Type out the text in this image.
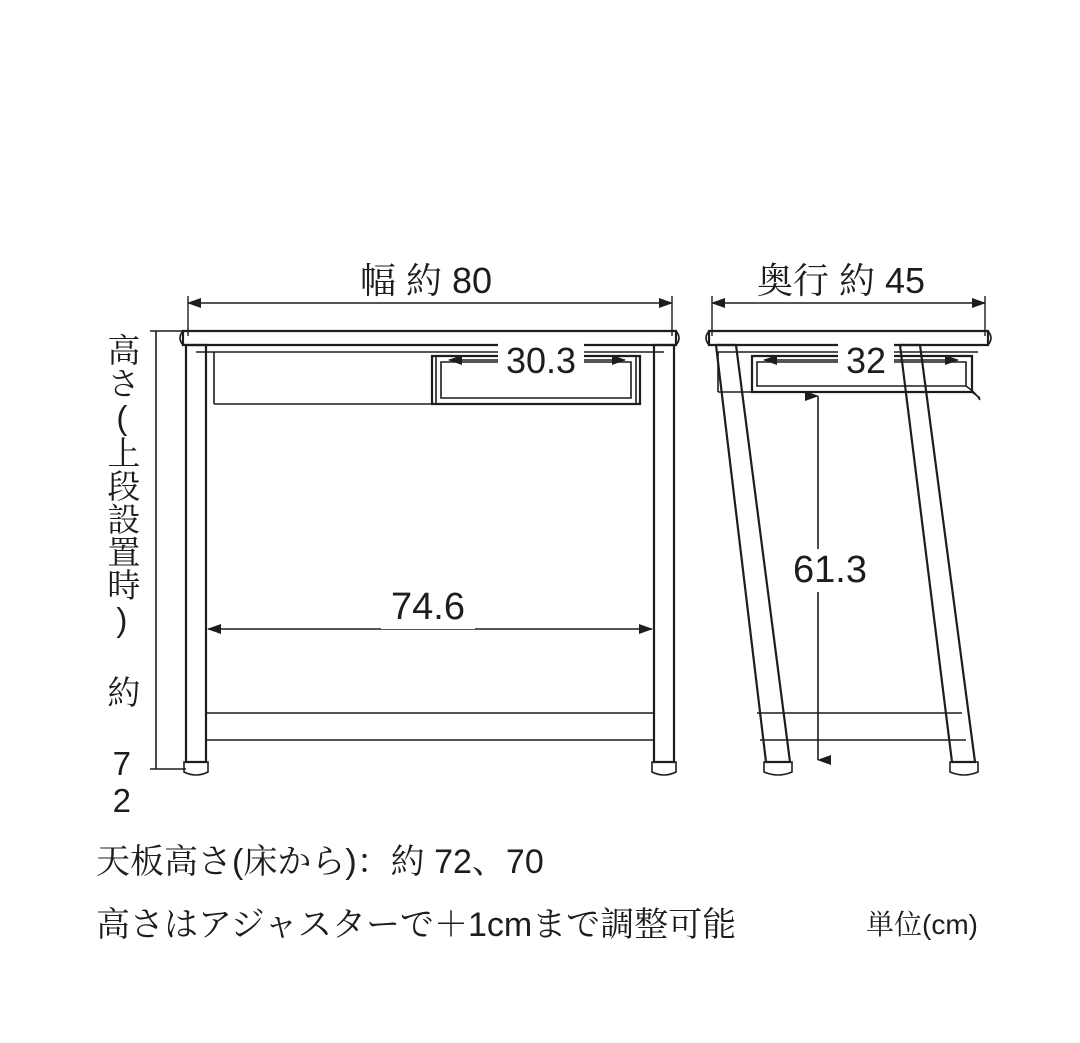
幅 約 80	奥行 約 45
高さ(上段設置時) 約 72	30.3
74.6
32
61.3
天板高さ(床から)：約 72、70
高さはアジャスターで＋1cmまで調整可能	単位(cm)
